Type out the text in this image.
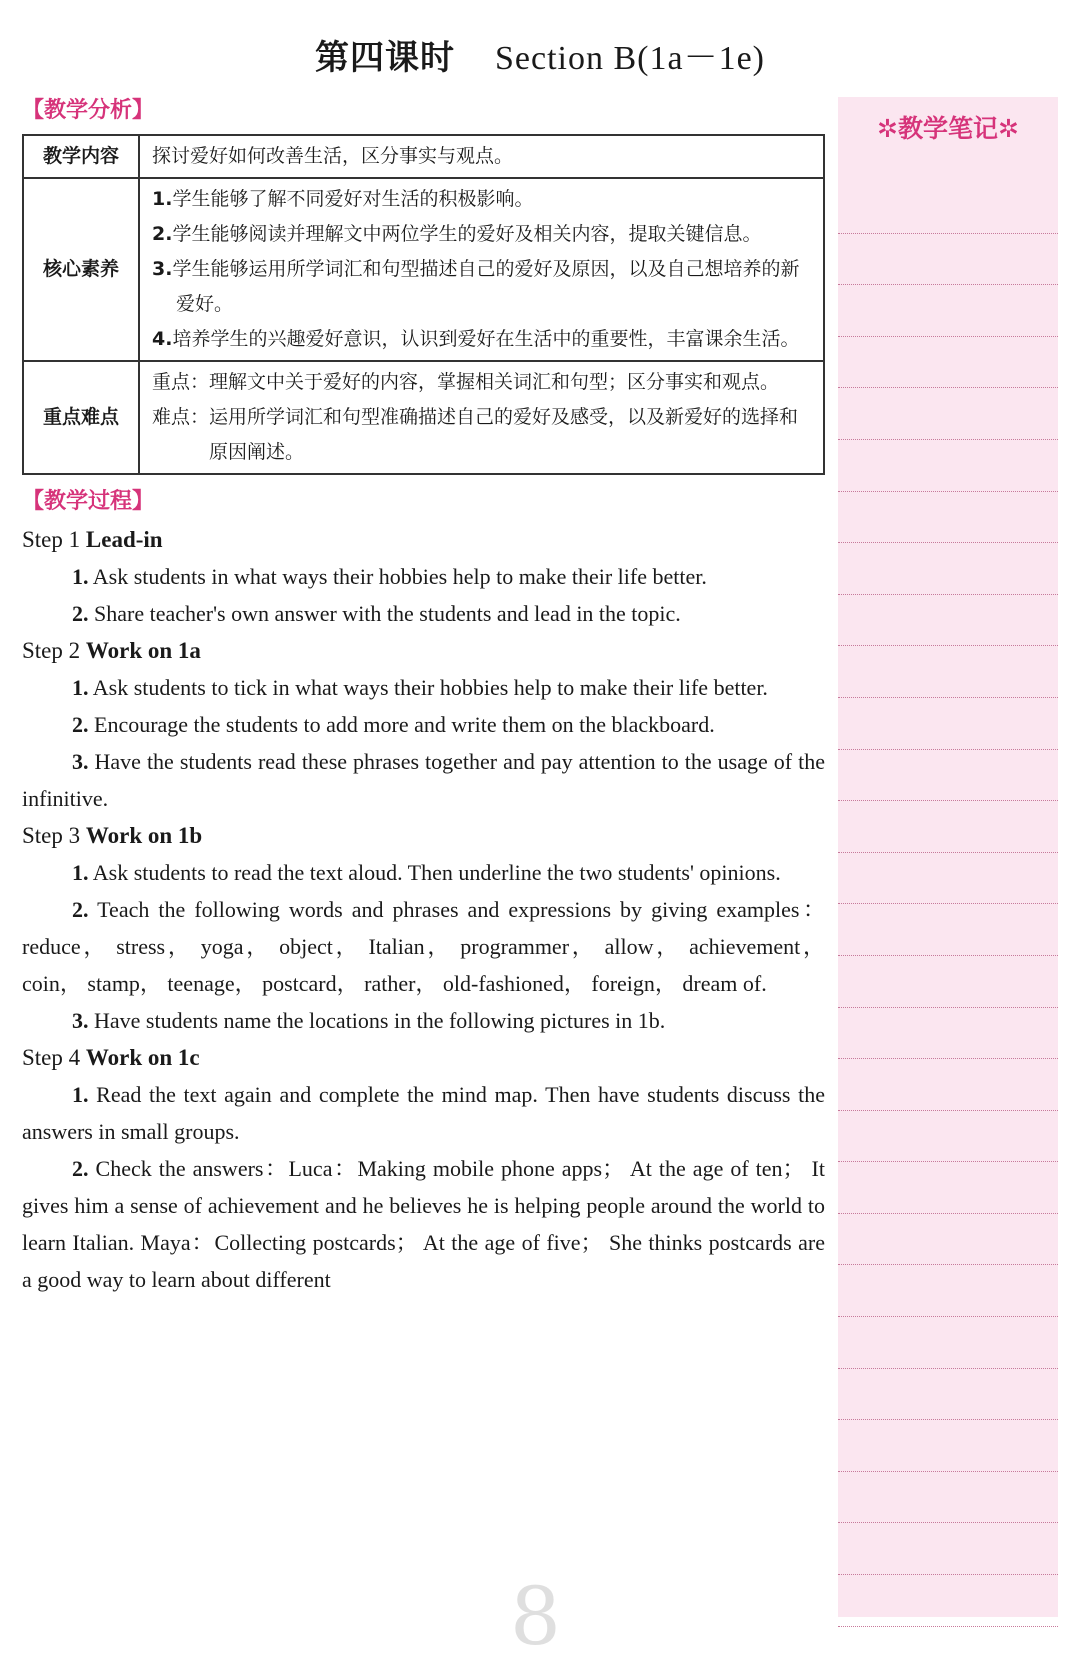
第四课时 Section B(1a－1e)
【教学分析】
教学内容	探讨爱好如何改善生活，区分事实与观点。
核心素养	1.学生能够了解不同爱好对生活的积极影响。
2.学生能够阅读并理解文中两位学生的爱好及相关内容，提取关键信息。
3.学生能够运用所学词汇和句型描述自己的爱好及原因，以及自己想培养的新爱好。
4.培养学生的兴趣爱好意识，认识到爱好在生活中的重要性，丰富课余生活。

重点难点	重点：理解文中关于爱好的内容，掌握相关词汇和句型；区分事实和观点。
难点：运用所学词汇和句型准确描述自己的爱好及感受，以及新爱好的选择和原因阐述。
【教学过程】
Step 1 Lead-in

1. Ask students in what ways their hobbies help to make their life better.

2. Share teacher's own answer with the students and lead in the topic.

Step 2 Work on 1a

1. Ask students to tick in what ways their hobbies help to make their life better.

2. Encourage the students to add more and write them on the blackboard.

3. Have the students read these phrases together and pay attention to the usage of the infinitive.

Step 3 Work on 1b

1. Ask students to read the text aloud. Then underline the two students' opinions.

2. Teach the following words and phrases and expressions by giving examples：reduce， stress， yoga， object， Italian， programmer， allow， achievement， coin， stamp， teenage， postcard， rather， old-fashioned， foreign， dream of.

3. Have students name the locations in the following pictures in 1b.

Step 4 Work on 1c

1. Read the text again and complete the mind map. Then have students discuss the answers in small groups.

2. Check the answers：Luca：Making mobile phone apps； At the age of ten； It gives him a sense of achievement and he believes he is helping people around the world to learn Italian. Maya：Collecting postcards； At the age of five； She thinks postcards are a good way to learn about different

✲教学笔记✲
8
